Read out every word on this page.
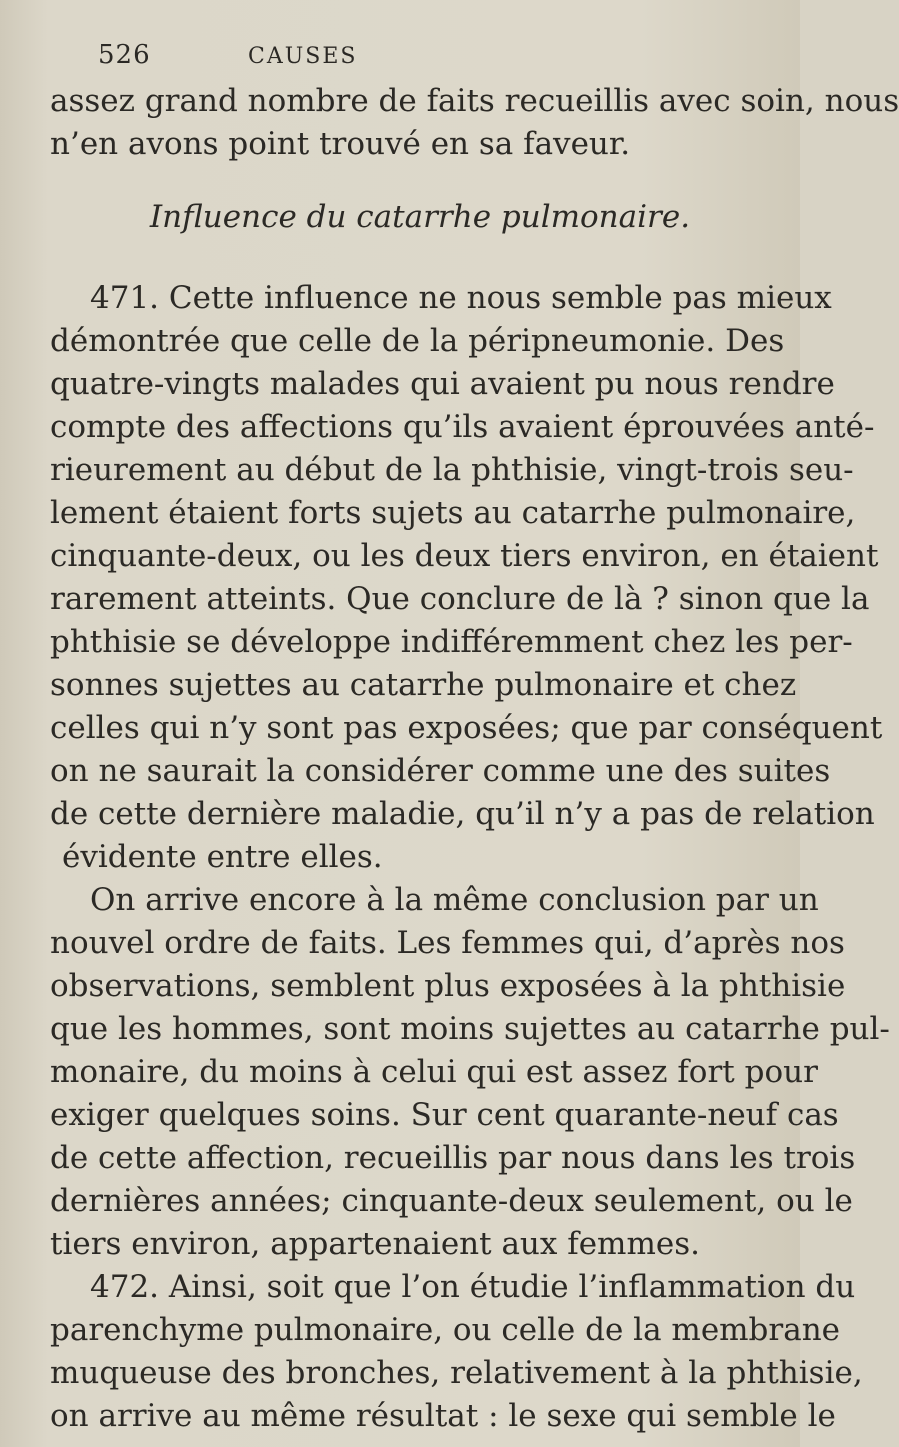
526	CAUSES
assez grand nombre de faits recueillis avec soin, nous
n’en avons point trouvé en sa faveur.
Influence du catarrhe pulmonaire.
471. Cette influence ne nous semble pas mieux
démontrée que celle de la péripneumonie. Des
quatre-vingts malades qui avaient pu nous rendre
compte des affections qu’ils avaient éprouvées anté-
rieurement au début de la phthisie, vingt-trois seu-
lement étaient forts sujets au catarrhe pulmonaire,
cinquante-deux, ou les deux tiers environ, en étaient
rarement atteints. Que conclure de là ? sinon que la
phthisie se développe indifféremment chez les per-
sonnes sujettes au catarrhe pulmonaire et chez
celles qui n’y sont pas exposées; que par conséquent
on ne saurait la considérer comme une des suites
de cette dernière maladie, qu’il n’y a pas de relation
évidente entre elles.
On arrive encore à la même conclusion par un
nouvel ordre de faits. Les femmes qui, d’après nos
observations, semblent plus exposées à la phthisie
que les hommes, sont moins sujettes au catarrhe pul-
monaire, du moins à celui qui est assez fort pour
exiger quelques soins. Sur cent quarante-neuf cas
de cette affection, recueillis par nous dans les trois
dernières années; cinquante-deux seulement, ou le
tiers environ, appartenaient aux femmes.
472. Ainsi, soit que l’on étudie l’inflammation du
parenchyme pulmonaire, ou celle de la membrane
muqueuse des bronches, relativement à la phthisie,
on arrive au même résultat : le sexe qui semble le
